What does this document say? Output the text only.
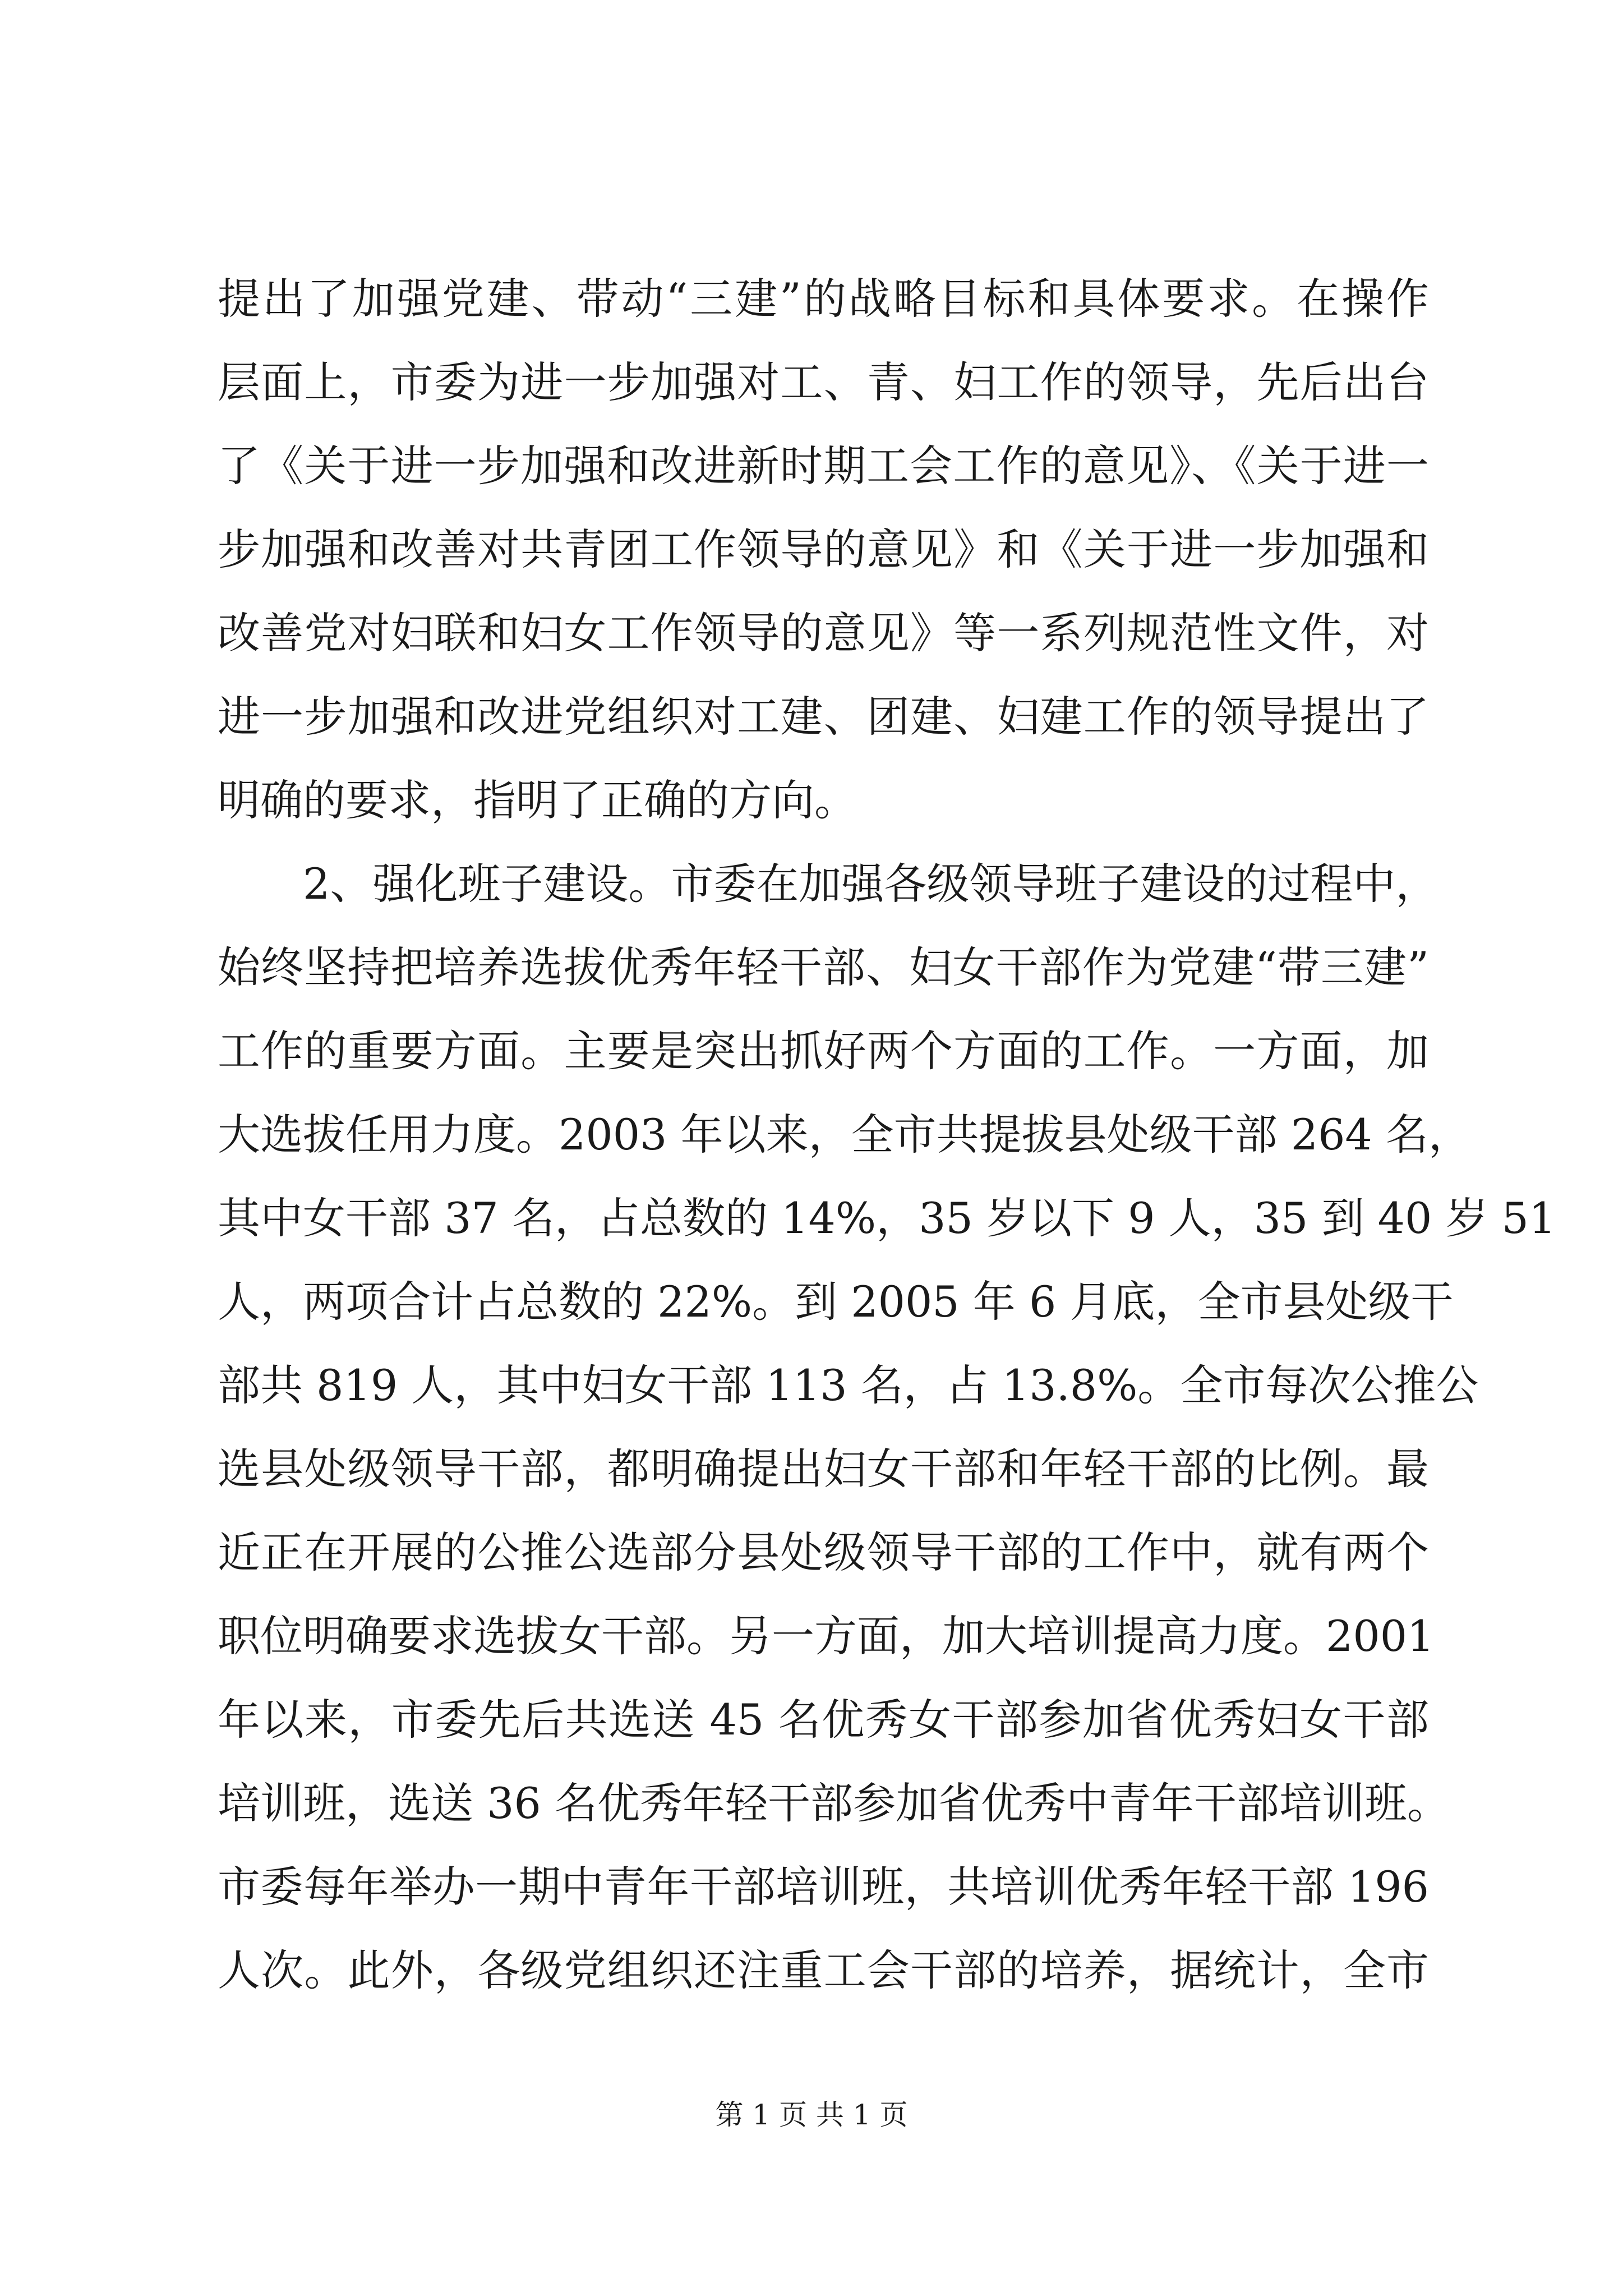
提出了加强党建、带动“三建”的战略目标和具体要求。在操作
层面上，市委为进一步加强对工、青、妇工作的领导，先后出台
了《关于进一步加强和改进新时期工会工作的意见》、《关于进一
步加强和改善对共青团工作领导的意见》和《关于进一步加强和
改善党对妇联和妇女工作领导的意见》等一系列规范性文件，对
进一步加强和改进党组织对工建、团建、妇建工作的领导提出了
明确的要求，指明了正确的方向。
2、强化班子建设。市委在加强各级领导班子建设的过程中，
始终坚持把培养选拔优秀年轻干部、妇女干部作为党建“带三建”
工作的重要方面。主要是突出抓好两个方面的工作。一方面，加
大选拔任用力度。2003 年以来，全市共提拔县处级干部 264 名，
其中女干部 37 名，占总数的 14%，35 岁以下 9 人，35 到 40 岁 51
人，两项合计占总数的 22%。到 2005 年 6 月底，全市县处级干
部共 819 人，其中妇女干部 113 名，占 13.8%。全市每次公推公
选县处级领导干部，都明确提出妇女干部和年轻干部的比例。最
近正在开展的公推公选部分县处级领导干部的工作中，就有两个
职位明确要求选拔女干部。另一方面，加大培训提高力度。2001
年以来，市委先后共选送 45 名优秀女干部参加省优秀妇女干部
培训班，选送 36 名优秀年轻干部参加省优秀中青年干部培训班。
市委每年举办一期中青年干部培训班，共培训优秀年轻干部 196
人次。此外，各级党组织还注重工会干部的培养，据统计，全市
第 1 页 共 1 页
